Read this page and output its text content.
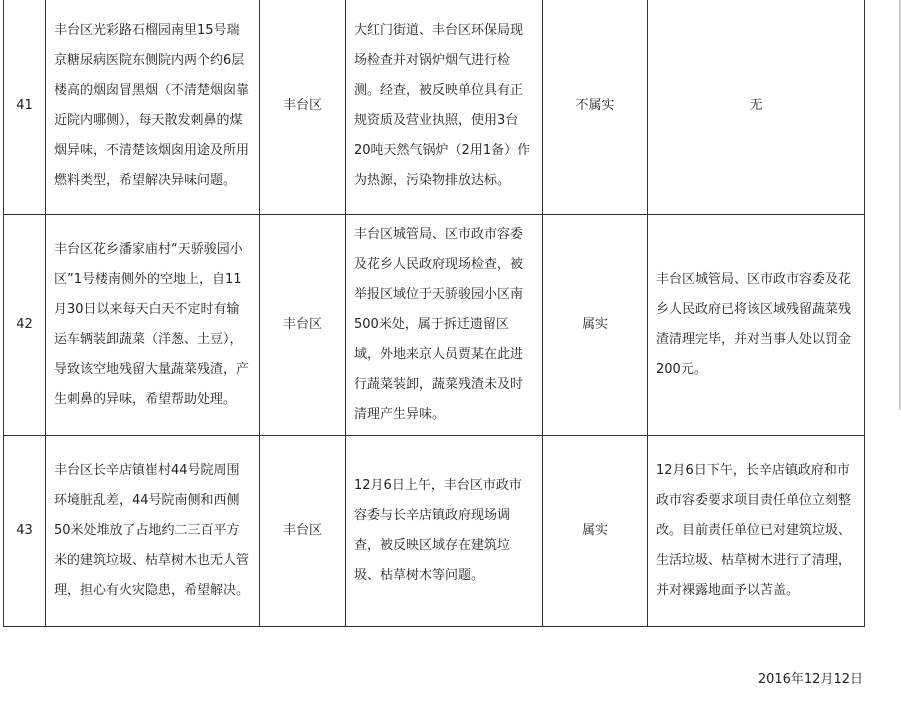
41	丰台区光彩路石榴园南里15号瑞京糖尿病医院东侧院内两个约6层楼高的烟囱冒黑烟（不清楚烟囱靠近院内哪侧），每天散发刺鼻的煤烟异味，不清楚该烟囱用途及所用燃料类型，希望解决异味问题。	丰台区	大红门街道、丰台区环保局现场检查并对锅炉烟气进行检测。经查，被反映单位具有正规资质及营业执照，使用3台20吨天然气锅炉（2用1备）作为热源，污染物排放达标。	不属实	无

42	丰台区花乡潘家庙村“天骄骏园小区”1号楼南侧外的空地上，自11月30日以来每天白天不定时有输运车辆装卸蔬菜（洋葱、土豆），导致该空地残留大量蔬菜残渣，产生刺鼻的异味，希望帮助处理。	丰台区	丰台区城管局、区市政市容委及花乡人民政府现场检查，被举报区域位于天骄骏园小区南500米处，属于拆迁遗留区域，外地来京人员贾某在此进行蔬菜装卸，蔬菜残渣未及时清理产生异味。	属实	丰台区城管局、区市政市容委及花乡人民政府已将该区域残留蔬菜残渣清理完毕，并对当事人处以罚金200元。

43	丰台区长辛店镇崔村44号院周围环境脏乱差，44号院南侧和西侧50米处堆放了占地约二三百平方米的建筑垃圾、枯草树木也无人管理，担心有火灾隐患，希望解决。	丰台区	12月6日上午，丰台区市政市容委与长辛店镇政府现场调查，被反映区域存在建筑垃圾、枯草树木等问题。	属实	12月6日下午，长辛店镇政府和市政市容委要求项目责任单位立刻整改。目前责任单位已对建筑垃圾、生活垃圾、枯草树木进行了清理，并对裸露地面予以苫盖。
2016年12月12日
